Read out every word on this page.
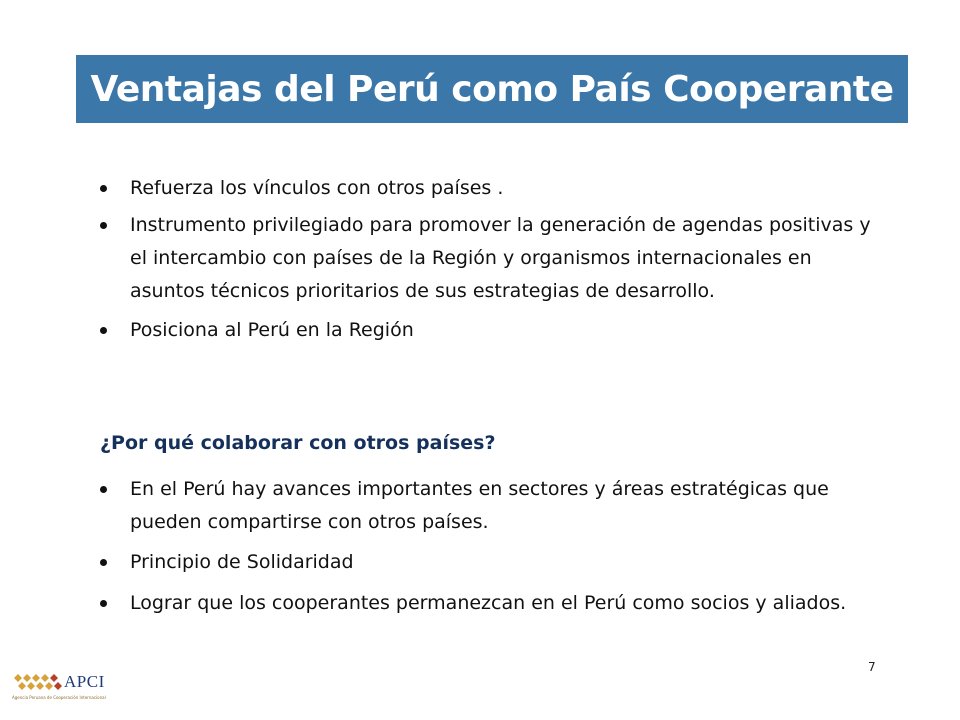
Ventajas del Perú como País Cooperante
Refuerza los vínculos con otros países .
Instrumento privilegiado para promover la generación de agendas positivas y el intercambio con países de la Región y organismos internacionales en asuntos técnicos prioritarios de sus estrategias de desarrollo.
Posiciona al Perú en la Región
¿Por qué colaborar con otros países?
En el Perú hay avances importantes en sectores y áreas estratégicas que pueden compartirse con otros países.
Principio de Solidaridad
Lograr que los cooperantes permanezcan en el Perú como socios y aliados.
7
APCI
Agencia Peruana de Cooperación Internacional
